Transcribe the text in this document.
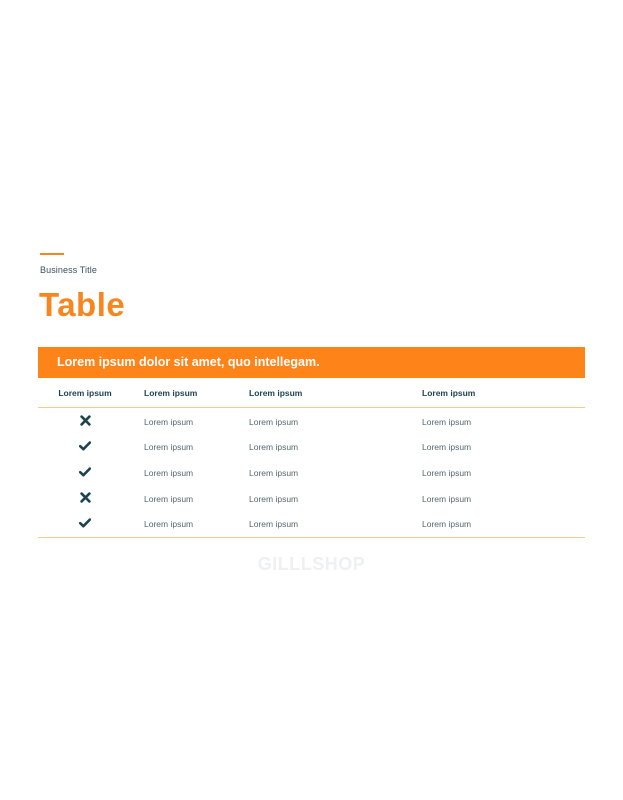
Business Title
Table
Lorem ipsum dolor sit amet, quo intellegam.
Lorem ipsum	Lorem ipsum	Lorem ipsum	Lorem ipsum
	Lorem ipsum	Lorem ipsum	Lorem ipsum
	Lorem ipsum	Lorem ipsum	Lorem ipsum
	Lorem ipsum	Lorem ipsum	Lorem ipsum
	Lorem ipsum	Lorem ipsum	Lorem ipsum
	Lorem ipsum	Lorem ipsum	Lorem ipsum
GILLLSHOP
